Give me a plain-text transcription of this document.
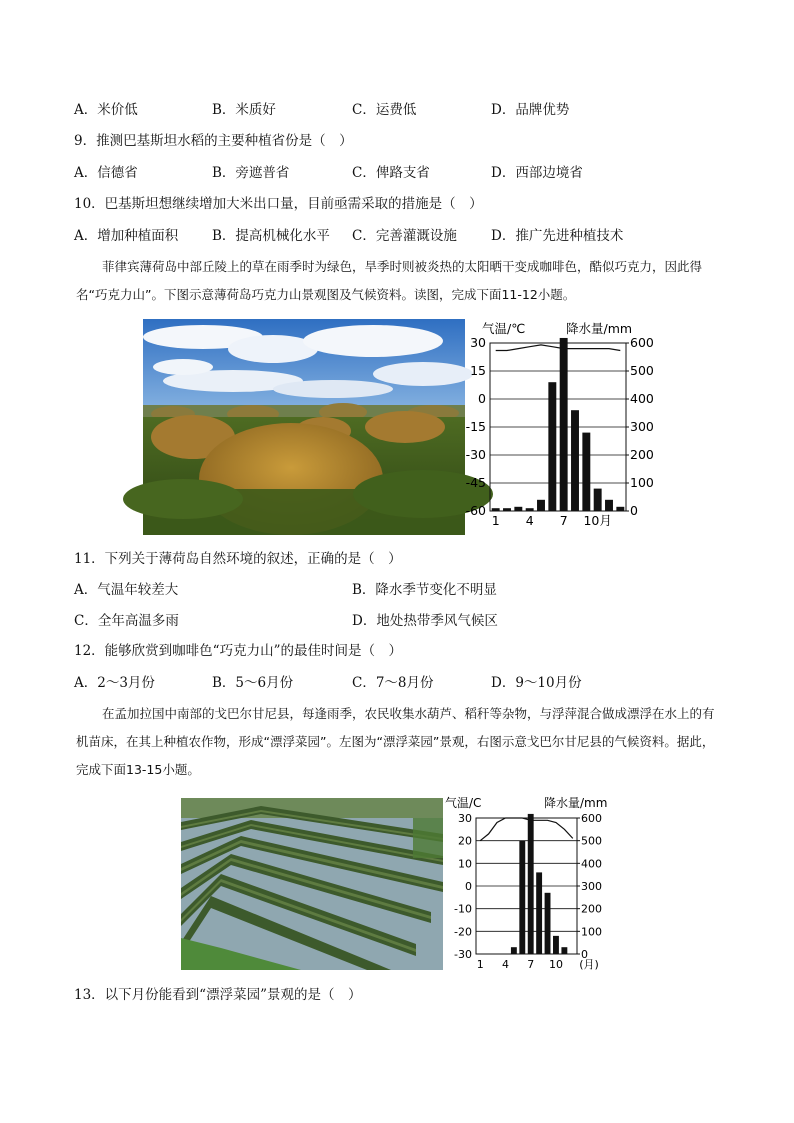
A．米价低	B．米质好	C．运费低	D．品牌优势
9．推测巴基斯坦水稻的主要种植省份是（　）
A．信德省	B．旁遮普省	C．俾路支省	D．西部边境省
10．巴基斯坦想继续增加大米出口量，目前亟需采取的措施是（　）
A．增加种植面积	B．提高机械化水平 C．完善灌溉设施	D．推广先进种植技术
菲律宾薄荷岛中部丘陵上的草在雨季时为绿色，旱季时则被炎热的太阳晒干变成咖啡色，酷似巧克力，因此得名“巧克力山”。下图示意薄荷岛巧克力山景观图及气候资料。读图，完成下面11-12小题。
气温/℃	降水量/mm
30
15
0
-15
-30
-45
-60
600
500
400
300
200
100
0
1 4 7 10月
11．下列关于薄荷岛自然环境的叙述，正确的是（　）
A．气温年较差大	B．降水季节变化不明显
C．全年高温多雨	D．地处热带季风气候区
12．能够欣赏到咖啡色“巧克力山”的最佳时间是（　）
A．2～3月份	B．5～6月份	C．7～8月份	D．9～10月份
在孟加拉国中南部的戈巴尔甘尼县，每逢雨季，农民收集水葫芦、稻秆等杂物，与浮萍混合做成漂浮在水上的有机苗床，在其上种植农作物，形成“漂浮菜园”。左图为“漂浮菜园”景观，右图示意戈巴尔甘尼县的气候资料。据此，完成下面13-15小题。
气温/C	降水量/mm
30
20
10
0
-10
-20
-30
600
500
400
300
200
100
0
1 4 7 10 (月)
13．以下月份能看到“漂浮菜园”景观的是（　）
